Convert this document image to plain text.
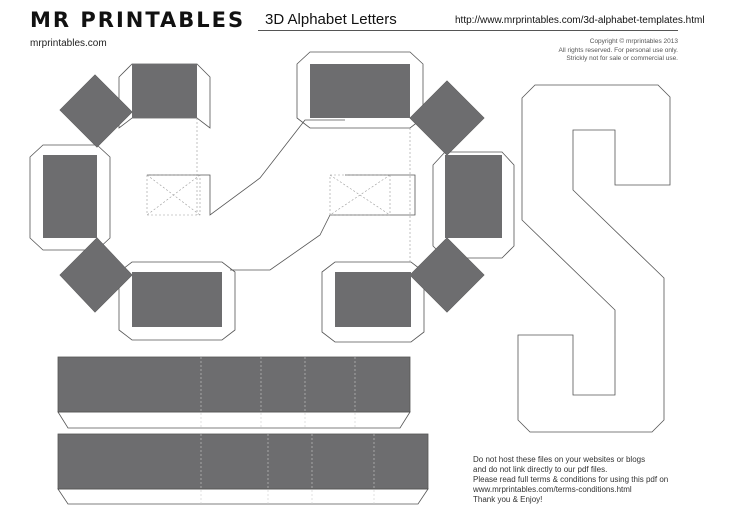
MR PRINTABLES
mrprintables.com
3D Alphabet Letters	http://www.mrprintables.com/3d-alphabet-templates.html
Copyright © mrprintables 2013
All rights reserved. For personal use only.
Strickly not for sale or commercial use.
Do not host these files on your websites or blogs
and do not link directly to our pdf files.
Please read full terms & conditions for using this pdf on
www.mrprintables.com/terms-conditions.html
Thank you & Enjoy!
